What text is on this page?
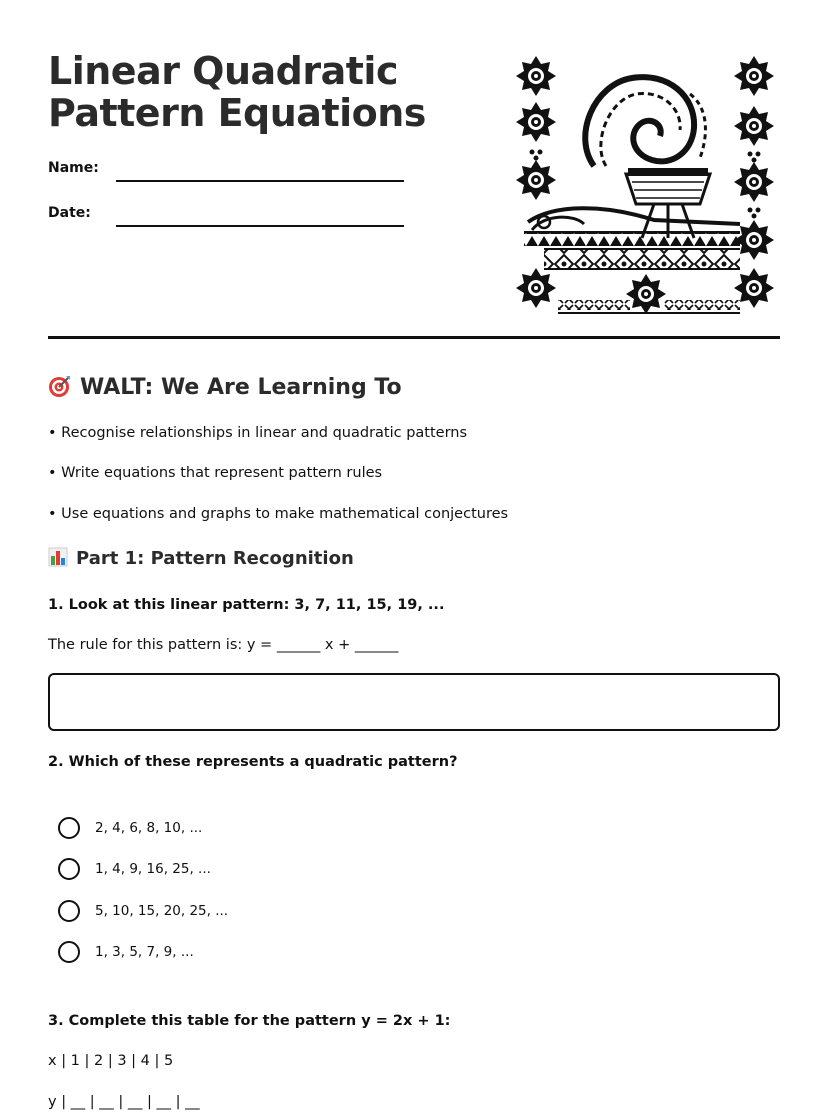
Linear Quadratic Pattern Equations
Name:
Date:
WALT: We Are Learning To
• Recognise relationships in linear and quadratic patterns
• Write equations that represent pattern rules
• Use equations and graphs to make mathematical conjectures
Part 1: Pattern Recognition
1. Look at this linear pattern: 3, 7, 11, 15, 19, ...
The rule for this pattern is: y = ______ x + ______
2. Which of these represents a quadratic pattern?
2, 4, 6, 8, 10, ...
1, 4, 9, 16, 25, ...
5, 10, 15, 20, 25, ...
1, 3, 5, 7, 9, ...
3. Complete this table for the pattern y = 2x + 1:
x | 1 | 2 | 3 | 4 | 5
y | __ | __ | __ | __ | __
